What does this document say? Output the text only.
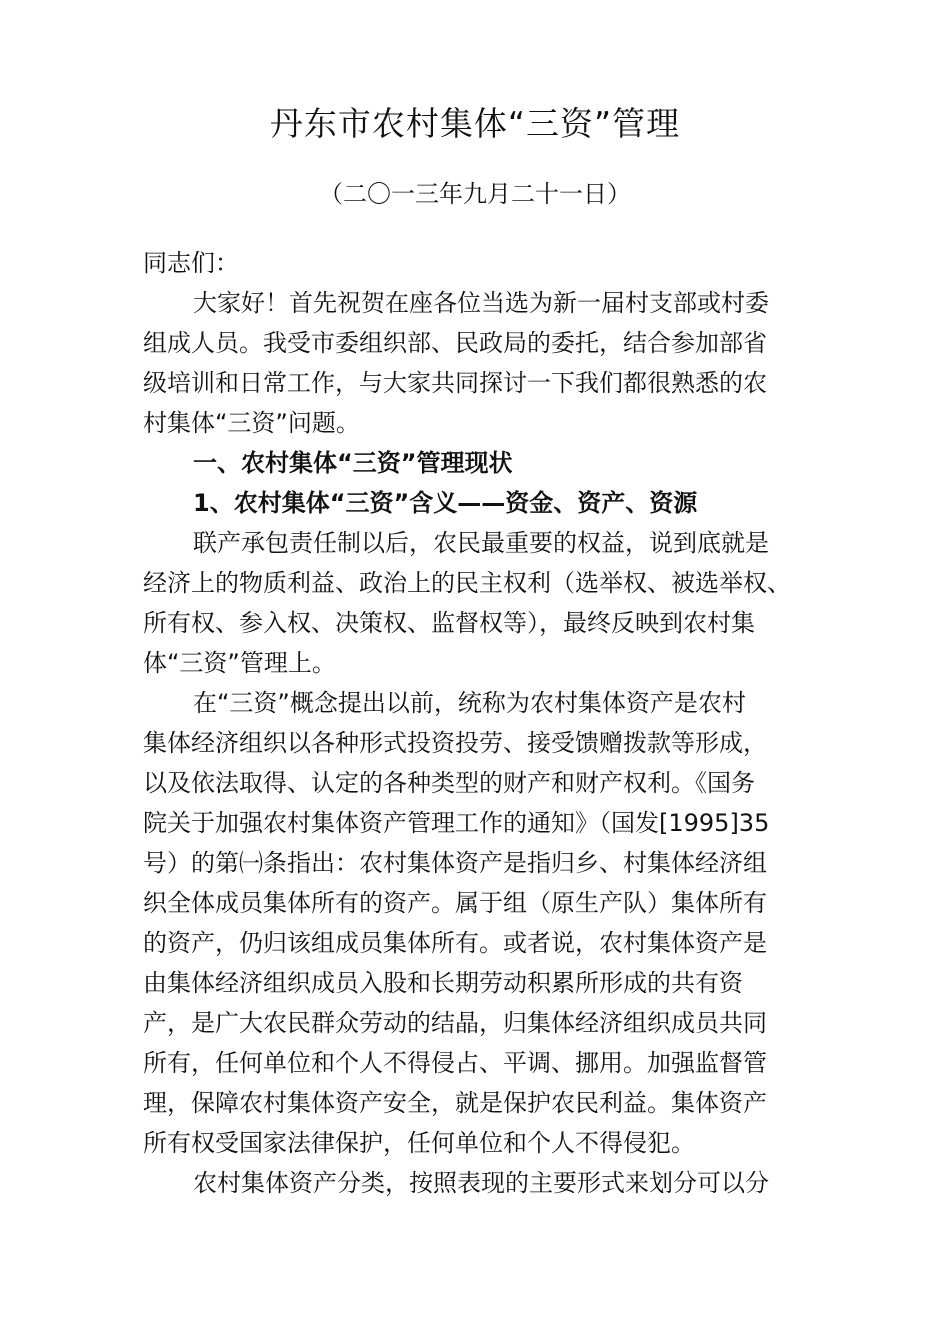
丹东市农村集体“三资”管理
（二〇一三年九月二十一日）
同志们：
大家好！首先祝贺在座各位当选为新一届村支部或村委
组成人员。我受市委组织部、民政局的委托，结合参加部省
级培训和日常工作，与大家共同探讨一下我们都很熟悉的农
村集体“三资”问题。
一、农村集体“三资”管理现状
1、农村集体“三资”含义——资金、资产、资源
联产承包责任制以后，农民最重要的权益，说到底就是
经济上的物质利益、政治上的民主权利（选举权、被选举权、
所有权、参入权、决策权、监督权等），最终反映到农村集
体“三资”管理上。
在“三资”概念提出以前，统称为农村集体资产是农村
集体经济组织以各种形式投资投劳、接受馈赠拨款等形成，
以及依法取得、认定的各种类型的财产和财产权利。《国务
院关于加强农村集体资产管理工作的通知》（国发[1995]35
号）的第㈠条指出：农村集体资产是指归乡、村集体经济组
织全体成员集体所有的资产。属于组（原生产队）集体所有
的资产，仍归该组成员集体所有。或者说，农村集体资产是
由集体经济组织成员入股和长期劳动积累所形成的共有资
产，是广大农民群众劳动的结晶，归集体经济组织成员共同
所有，任何单位和个人不得侵占、平调、挪用。加强监督管
理，保障农村集体资产安全，就是保护农民利益。集体资产
所有权受国家法律保护，任何单位和个人不得侵犯。
农村集体资产分类，按照表现的主要形式来划分可以分
